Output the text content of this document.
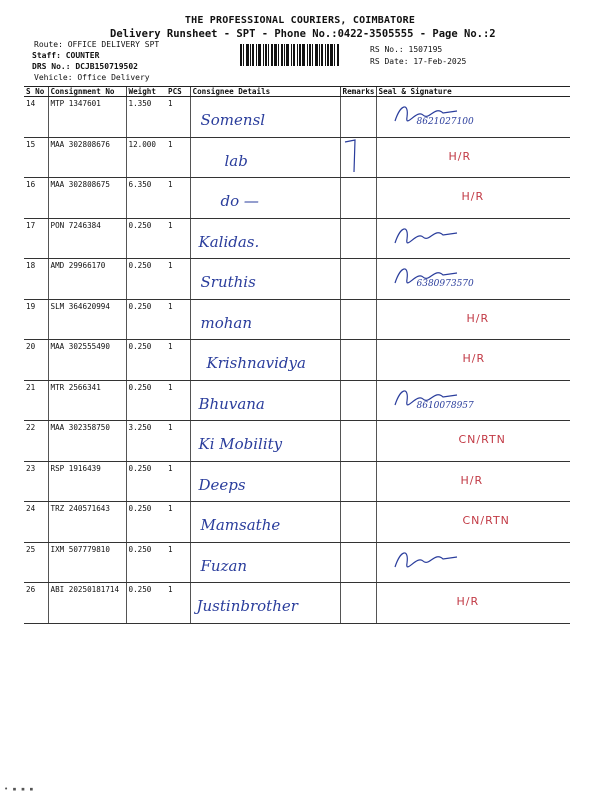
THE PROFESSIONAL COURIERS, COIMBATORE
Delivery Runsheet - SPT - Phone No.:0422-3505555 - Page No.:2
Route: OFFICE DELIVERY SPT
Staff: COUNTER
DRS No.: DCJB150719502
Vehicle: Office Delivery
RS No.: 1507195
RS Date: 17-Feb-2025
S No	Consignment No	Weight	PCS	Consignee Details	Remarks	Seal & Signature
14	MTP 1347601	1.350	1	Somensl		8621027100

15	MAA 302808676	12.000	1	lab		H/R

16	MAA 302808675	6.350	1	do —		H/R

17	PON 7246384	0.250	1	Kalidas.

18	AMD 29966170	0.250	1	Sruthis		6380973570

19	SLM 364620994	0.250	1	mohan		H/R

20	MAA 302555490	0.250	1	Krishnavidya		H/R

21	MTR 2566341	0.250	1	Bhuvana		8610078957

22	MAA 302358750	3.250	1	Ki Mobility		CN/RTN

23	RSP 1916439	0.250	1	Deeps		H/R

24	TRZ 240571643	0.250	1	Mamsathe		CN/RTN

25	IXM 507779810	0.250	1	Fuzan

26	ABI 20250181714	0.250	1	Justinbrother		H/R
• ▪ ▪ ▪
